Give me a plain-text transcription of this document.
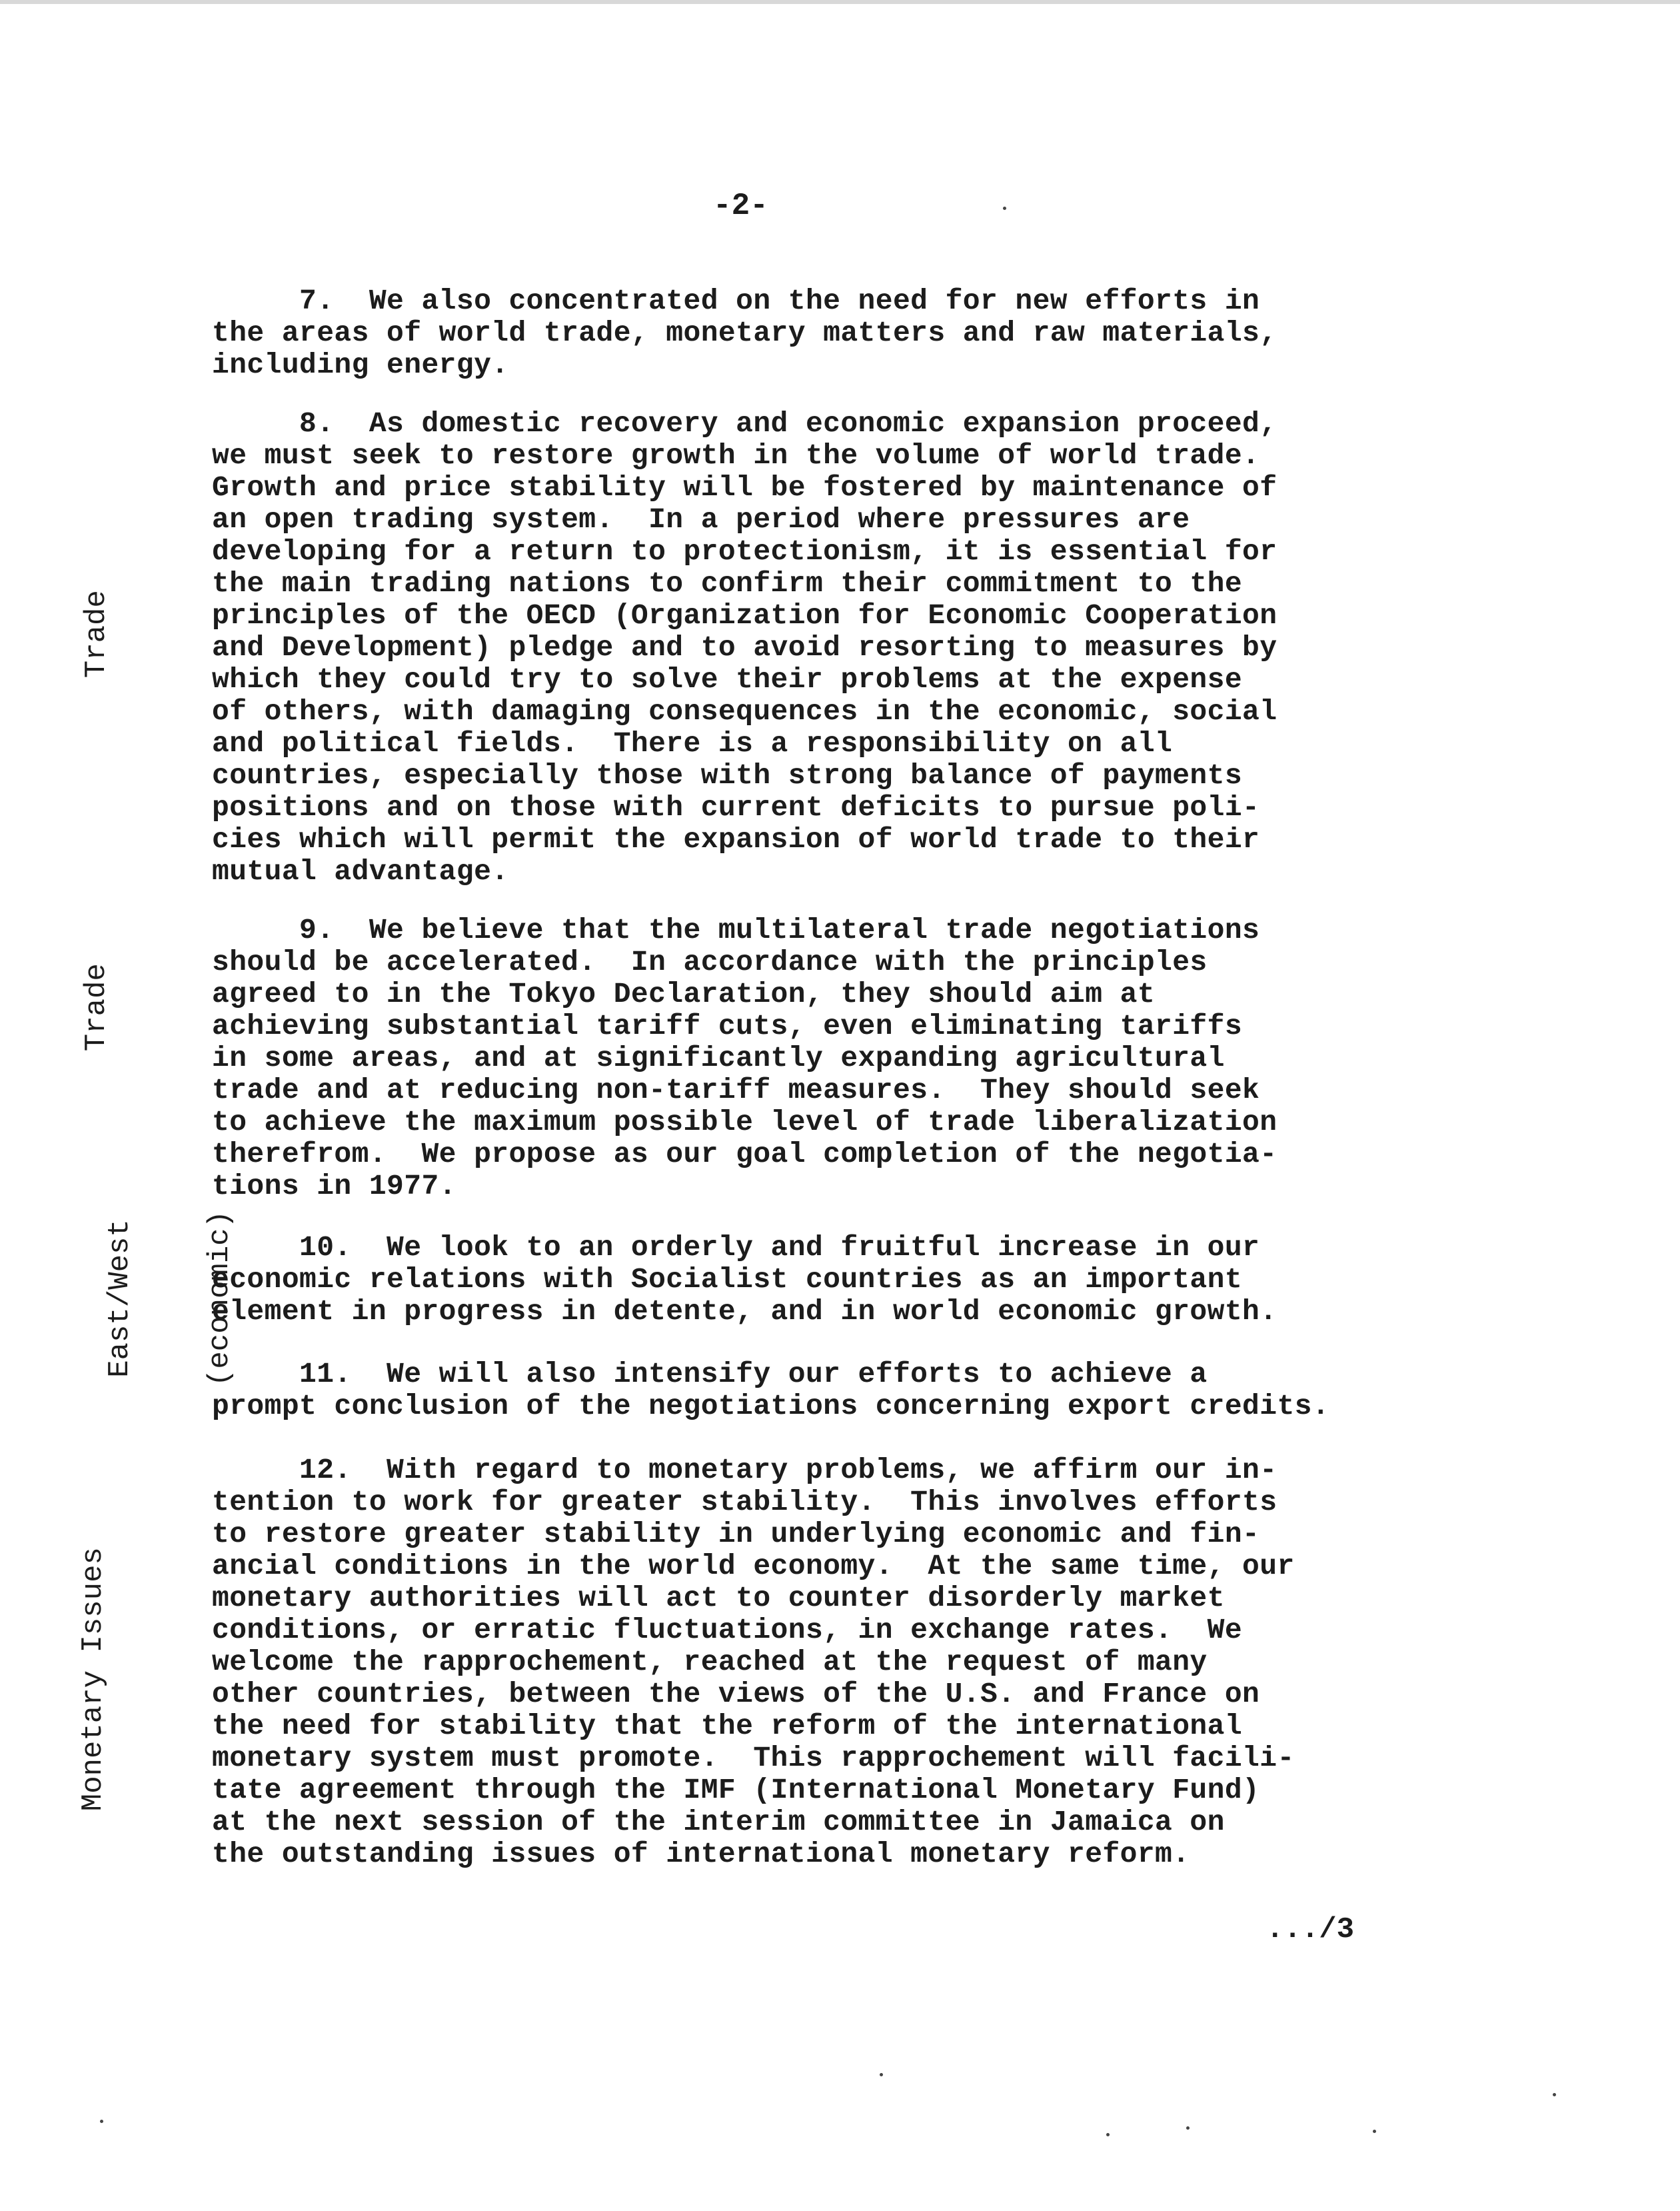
-2-

Trade

Trade

East/West

(economic)

Monetary Issues

7.  We also concentrated on the need for new efforts in
the areas of world trade, monetary matters and raw materials,
including energy.
8.  As domestic recovery and economic expansion proceed,
we must seek to restore growth in the volume of world trade.
Growth and price stability will be fostered by maintenance of
an open trading system.  In a period where pressures are
developing for a return to protectionism, it is essential for
the main trading nations to confirm their commitment to the
principles of the OECD (Organization for Economic Cooperation
and Development) pledge and to avoid resorting to measures by
which they could try to solve their problems at the expense
of others, with damaging consequences in the economic, social
and political fields.  There is a responsibility on all
countries, especially those with strong balance of payments
positions and on those with current deficits to pursue poli-
cies which will permit the expansion of world trade to their
mutual advantage.
9.  We believe that the multilateral trade negotiations
should be accelerated.  In accordance with the principles
agreed to in the Tokyo Declaration, they should aim at
achieving substantial tariff cuts, even eliminating tariffs
in some areas, and at significantly expanding agricultural
trade and at reducing non-tariff measures.  They should seek
to achieve the maximum possible level of trade liberalization
therefrom.  We propose as our goal completion of the negotia-
tions in 1977.
10.  We look to an orderly and fruitful increase in our
economic relations with Socialist countries as an important
element in progress in detente, and in world economic growth.
11.  We will also intensify our efforts to achieve a
prompt conclusion of the negotiations concerning export credits.
12.  With regard to monetary problems, we affirm our in-
tention to work for greater stability.  This involves efforts
to restore greater stability in underlying economic and fin-
ancial conditions in the world economy.  At the same time, our
monetary authorities will act to counter disorderly market
conditions, or erratic fluctuations, in exchange rates.  We
welcome the rapprochement, reached at the request of many
other countries, between the views of the U.S. and France on
the need for stability that the reform of the international
monetary system must promote.  This rapprochement will facili-
tate agreement through the IMF (International Monetary Fund)
at the next session of the interim committee in Jamaica on
the outstanding issues of international monetary reform.
.../3
